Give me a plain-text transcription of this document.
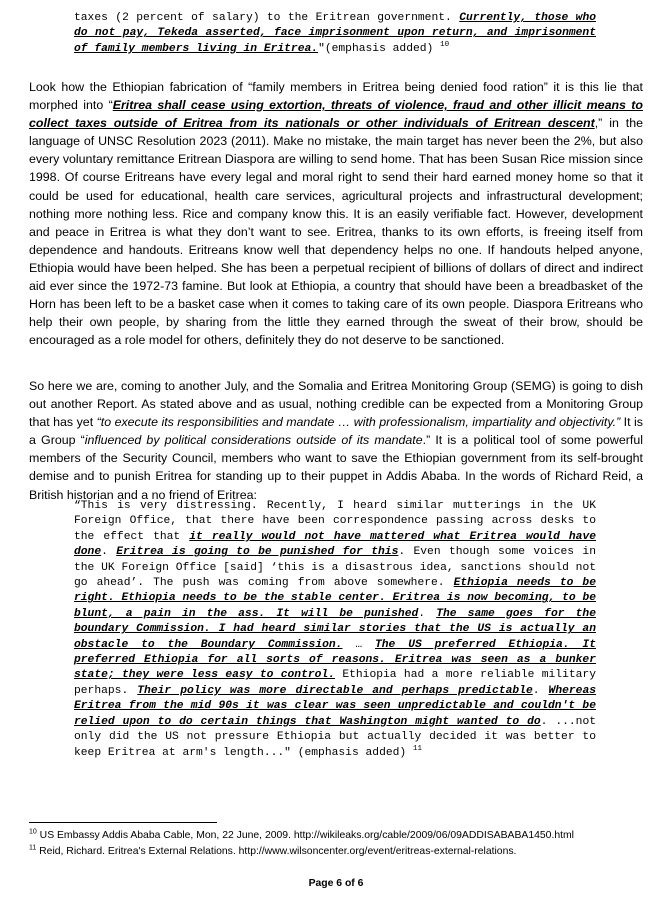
taxes (2 percent of salary) to the Eritrean government. Currently, those who do not pay, Tekeda asserted, face imprisonment upon return, and imprisonment of family members living in Eritrea."(emphasis added) $^{10}$
Look how the Ethiopian fabrication of “family members in Eritrea being denied food ration” it is this lie that morphed into “Eritrea shall cease using extortion, threats of violence, fraud and other illicit means to collect taxes outside of Eritrea from its nationals or other individuals of Eritrean descent,” in the language of UNSC Resolution 2023 (2011). Make no mistake, the main target has never been the 2%, but also every voluntary remittance Eritrean Diaspora are willing to send home. That has been Susan Rice mission since 1998. Of course Eritreans have every legal and moral right to send their hard earned money home so that it could be used for educational, health care services, agricultural projects and infrastructural development; nothing more nothing less. Rice and company know this. It is an easily verifiable fact. However, development and peace in Eritrea is what they don’t want to see. Eritrea, thanks to its own efforts, is freeing itself from dependence and handouts. Eritreans know well that dependency helps no one. If handouts helped anyone, Ethiopia would have been helped. She has been a perpetual recipient of billions of dollars of direct and indirect aid ever since the 1972-73 famine. But look at Ethiopia, a country that should have been a breadbasket of the Horn has been left to be a basket case when it comes to taking care of its own people. Diaspora Eritreans who help their own people, by sharing from the little they earned through the sweat of their brow, should be encouraged as a role model for others, definitely they do not deserve to be sanctioned.
So here we are, coming to another July, and the Somalia and Eritrea Monitoring Group (SEMG) is going to dish out another Report. As stated above and as usual, nothing credible can be expected from a Monitoring Group that has yet “to execute its responsibilities and mandate … with professionalism, impartiality and objectivity.” It is a Group “influenced by political considerations outside of its mandate.” It is a political tool of some powerful members of the Security Council, members who want to save the Ethiopian government from its self-brought demise and to punish Eritrea for standing up to their puppet in Addis Ababa. In the words of Richard Reid, a British historian and a no friend of Eritrea:
“This is very distressing. Recently, I heard similar mutterings in the UK Foreign Office, that there have been correspondence passing across desks to the effect that it really would not have mattered what Eritrea would have done. Eritrea is going to be punished for this. Even though some voices in the UK Foreign Office [said] ‘this is a disastrous idea, sanctions should not go ahead’. The push was coming from above somewhere. Ethiopia needs to be right. Ethiopia needs to be the stable center. Eritrea is now becoming, to be blunt, a pain in the ass. It will be punished. The same goes for the boundary Commission. I had heard similar stories that the US is actually an obstacle to the Boundary Commission. … The US preferred Ethiopia. It preferred Ethiopia for all sorts of reasons. Eritrea was seen as a bunker state; they were less easy to control. Ethiopia had a more reliable military perhaps. Their policy was more directable and perhaps predictable. Whereas Eritrea from the mid 90s it was clear was seen unpredictable and couldn't be relied upon to do certain things that Washington might wanted to do. ...not only did the US not pressure Ethiopia but actually decided it was better to keep Eritrea at arm's length..." (emphasis added) $^{11}$
$^{10}$ US Embassy Addis Ababa Cable, Mon, 22 June, 2009. http://wikileaks.org/cable/2009/06/09ADDISABABA1450.html
$^{11}$ Reid, Richard. Eritrea's External Relations. http://www.wilsoncenter.org/event/eritreas-external-relations.
Page 6 of 6
